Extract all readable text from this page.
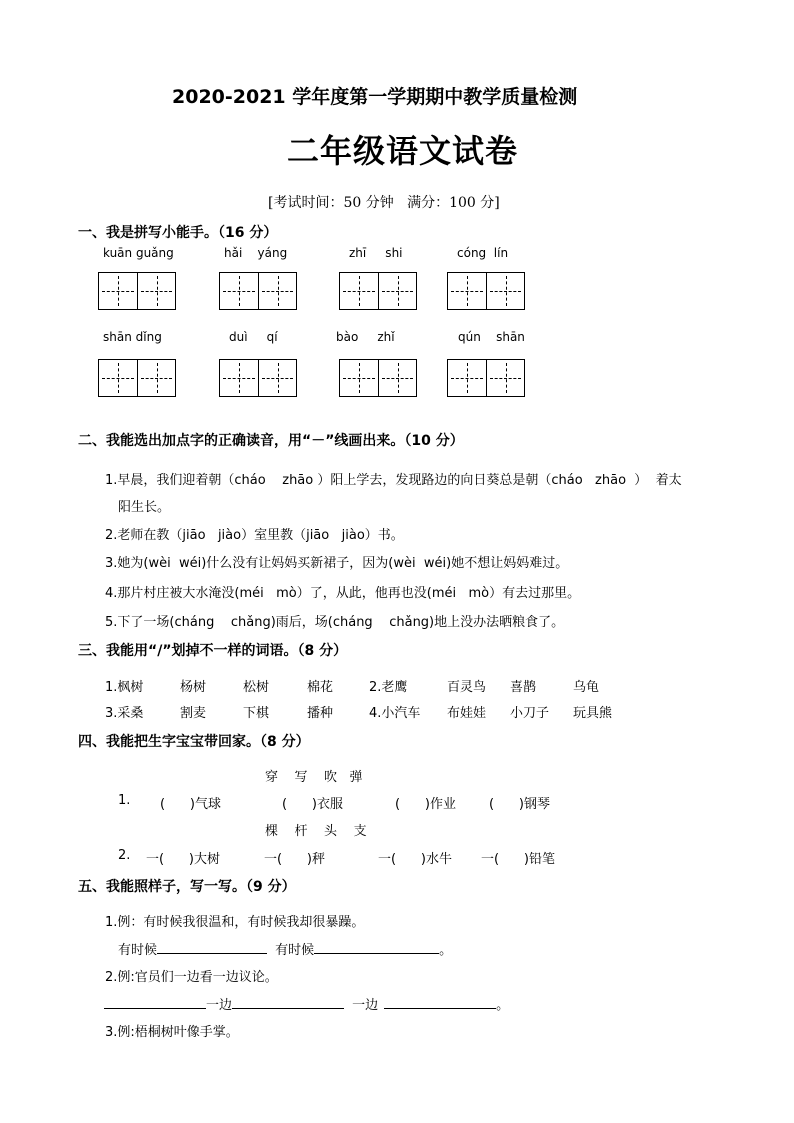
2020-2021 学年度第一学期期中教学质量检测
二年级语文试卷
[考试时间：50 分钟   满分：100 分]
一、我是拼写小能手。（16 分）
kuān guǎng	hǎi    yáng	zhī     shi	cóng  lín
shān dǐng	duì     qí	bào     zhǐ	qún    shān
二、我能选出加点字的正确读音，用“－”线画出来。（10 分）
1.早晨，我们迎着朝（cháo    zhāo ）阳上学去，发现路边的向日葵总是朝（cháo   zhāo  ）  着太
阳生长。
2.老师在教（jiāo   jiào）室里教（jiāo   jiào）书。
3.她为(wèi  wéi)什么没有让妈妈买新裙子，因为(wèi  wéi)她不想让妈妈难过。
4.那片村庄被大水淹没(méi   mò）了，从此，他再也没(méi   mò）有去过那里。
5.下了一场(cháng    chǎng)雨后，场(cháng    chǎng)地上没办法晒粮食了。
三、我能用“/”划掉不一样的词语。（8 分）
1.枫树	杨树	松树	棉花	2.老鹰	百灵鸟 喜鹊	乌龟
3.采桑	割麦	下棋	播种	4.小汽车 布娃娃 小刀子 玩具熊
四、我能把生字宝宝带回家。（8 分）
穿    写    吹   弹
1. (      )气球	(      )衣服	(      )作业	(      )钢琴
棵    杆    头    支
2. 一(      )大树	一(      )秤	一(      )水牛 一(      )铅笔
五、我能照样子，写一写。（9 分）
1.例：有时候我很温和，有时候我却很暴躁。
有时候	有时候	。
2.例:官员们一边看一边议论。
一边	一边	。
3.例:梧桐树叶像手掌。
